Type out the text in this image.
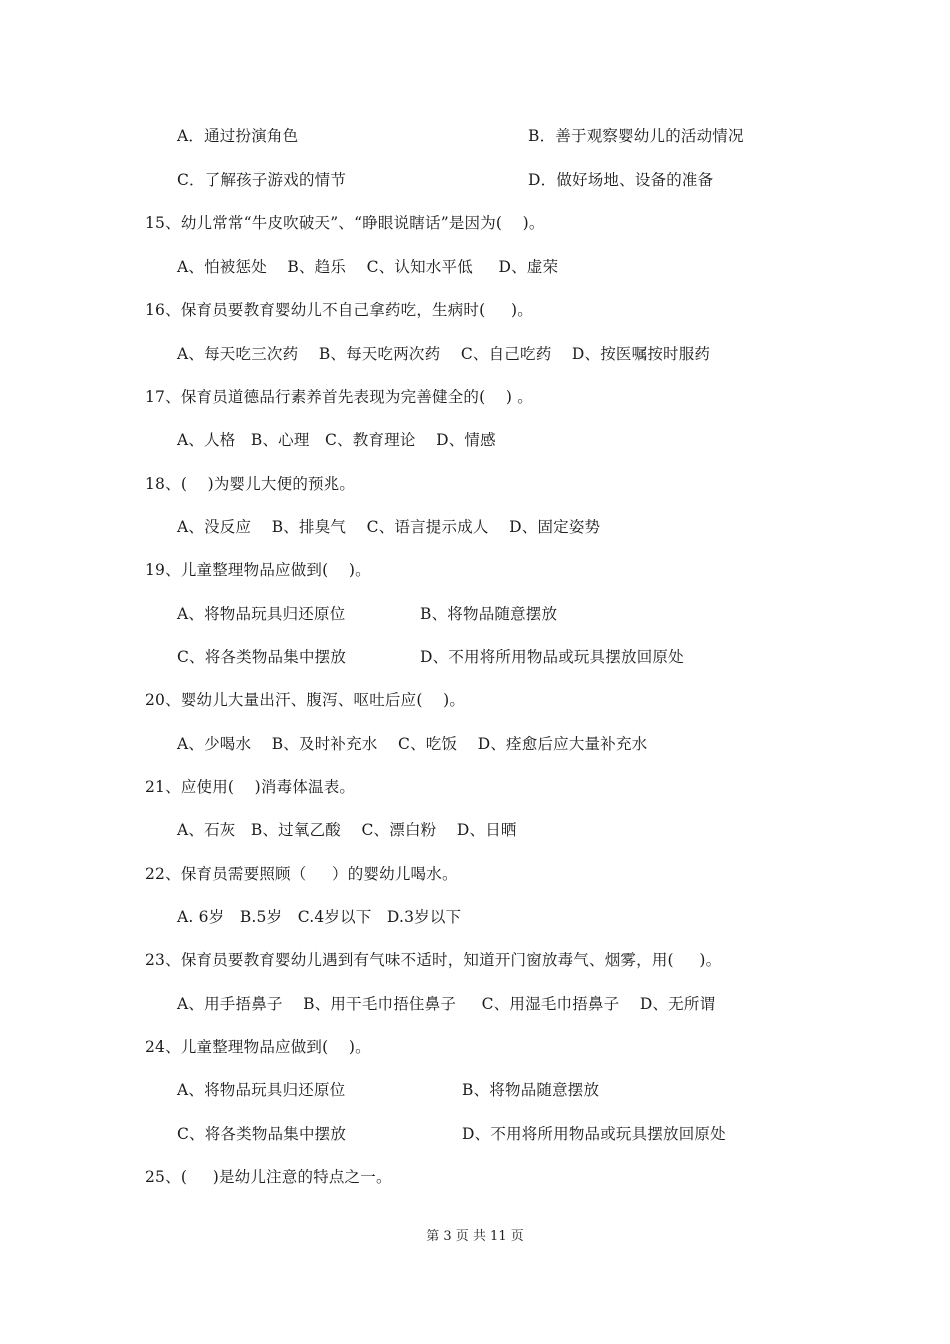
A．通过扮演角色	B．善于观察婴幼儿的活动情况
C．了解孩子游戏的情节	D．做好场地、设备的准备
15、幼儿常常“牛皮吹破天”、“睁眼说瞎话”是因为(    )。
A、怕被惩处 B、趋乐 C、认知水平低 D、虚荣
16、保育员要教育婴幼儿不自己拿药吃，生病时(     )。
A、每天吃三次药 B、每天吃两次药 C、自己吃药 D、按医嘱按时服药
17、保育员道德品行素养首先表现为完善健全的(    ) 。
A、人格 B、心理 C、教育理论 D、情感
18、(    )为婴儿大便的预兆。
A、没反应 B、排臭气 C、语言提示成人 D、固定姿势
19、儿童整理物品应做到(    )。
A、将物品玩具归还原位	B、将物品随意摆放
C、将各类物品集中摆放	D、不用将所用物品或玩具摆放回原处
20、婴幼儿大量出汗、腹泻、呕吐后应(    )。
A、少喝水 B、及时补充水 C、吃饭 D、痊愈后应大量补充水
21、应使用(    )消毒体温表。
A、石灰 B、过氧乙酸 C、漂白粉 D、日晒
22、保育员需要照顾（     ）的婴幼儿喝水。
A. 6岁 B.5岁 C.4岁以下 D.3岁以下
23、保育员要教育婴幼儿遇到有气味不适时，知道开门窗放毒气、烟雾，用(     )。
A、用手捂鼻子 B、用干毛巾捂住鼻子 C、用湿毛巾捂鼻子 D、无所谓
24、儿童整理物品应做到(    )。
A、将物品玩具归还原位	B、将物品随意摆放
C、将各类物品集中摆放	D、不用将所用物品或玩具摆放回原处
25、(     )是幼儿注意的特点之一。
第 3 页 共 11 页
